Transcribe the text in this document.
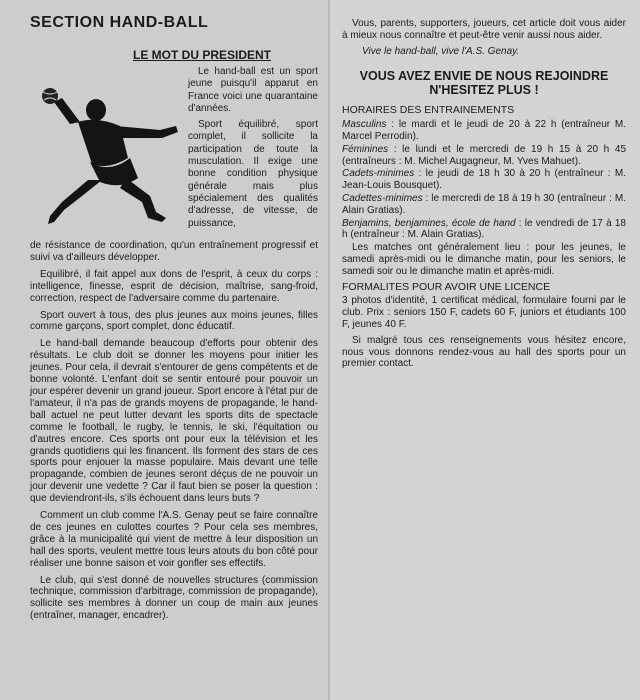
SECTION HAND-BALL
LE MOT DU PRESIDENT

Le hand-ball est un sport jeune puisqu'il apparut en France voici une quarantaine d'années.

Sport équilibré, sport complet, il sollicite la participation de toute la musculation. Il exige une bonne condition physique générale mais plus spécialement des qualités d'adresse, de vitesse, de puissance,

de résistance de coordination, qu'un entraînement progressif et suivi va d'ailleurs développer.

Equilibré, il fait appel aux dons de l'esprit, à ceux du corps : intelligence, finesse, esprit de décision, maîtrise, sang-froid, correction, respect de l'adversaire comme du partenaire.

Sport ouvert à tous, des plus jeunes aux moins jeunes, filles comme garçons, sport complet, donc éducatif.

Le hand-ball demande beaucoup d'efforts pour obtenir des résultats. Le club doit se donner les moyens pour initier les jeunes. Pour cela, il devrait s'entourer de gens compétents et de bonne volonté. L'enfant doit se sentir entouré pour pouvoir un jour espérer devenir un grand joueur. Sport encore à l'état pur de l'amateur, il n'a pas de grands moyens de propagande, le hand-ball actuel ne peut lutter devant les sports dits de spectacle comme le football, le rugby, le tennis, le ski, l'équitation ou d'autres encore. Ces sports ont pour eux la télévision et les grands quotidiens qui les financent. Ils forment des stars de ces sports pour enjouer la masse populaire. Mais devant une telle propagande, combien de jeunes seront déçus de ne pouvoir un jour devenir une vedette ? Car il faut bien se poser la question : que deviendront-ils, s'ils échouent dans leurs buts ?

Comment un club comme l'A.S. Genay peut se faire connaître de ces jeunes en culottes courtes ? Pour cela ses membres, grâce à la municipalité qui vient de mettre à leur disposition un hall des sports, veulent mettre tous leurs atouts du bon côté pour réaliser une bonne saison et voir gonfler ses effectifs.

Le club, qui s'est donné de nouvelles structures (commission technique, commission d'arbitrage, commission de propagande), sollicite ses membres à donner un coup de main aux jeunes (entraîner, manager, encadrer).

Vous, parents, supporters, joueurs, cet article doit vous aider à mieux nous connaître et peut-être venir aussi nous aider.

Vive le hand-ball, vive l'A.S. Genay.

VOUS AVEZ ENVIE DE NOUS REJOINDRE
N'HESITEZ PLUS !
HORAIRES DES ENTRAINEMENTS

Masculins : le mardi et le jeudi de 20 à 22 h (entraîneur M. Marcel Perrodin).

Féminines : le lundi et le mercredi de 19 h 15 à 20 h 45 (entraîneurs : M. Michel Augagneur, M. Yves Mahuet).

Cadets-minimes : le jeudi de 18 h 30 à 20 h (entraîneur : M. Jean-Louis Bousquet).

Cadettes-minimes : le mercredi de 18 à 19 h 30 (entraîneur : M. Alain Gratias).

Benjamins, benjamines, école de hand : le vendredi de 17 à 18 h (entraîneur : M. Alain Gratias).

Les matches ont généralement lieu : pour les jeunes, le samedi après-midi ou le dimanche matin, pour les seniors, le samedi soir ou le dimanche matin et après-midi.

FORMALITES POUR AVOIR UNE LICENCE

3 photos d'identité, 1 certificat médical, formulaire fourni par le club. Prix : seniors 150 F, cadets 60 F, juniors et étudiants 100 F, jeunes 40 F.

Si malgré tous ces renseignements vous hésitez encore, nous vous donnons rendez-vous au hall des sports pour un premier contact.
